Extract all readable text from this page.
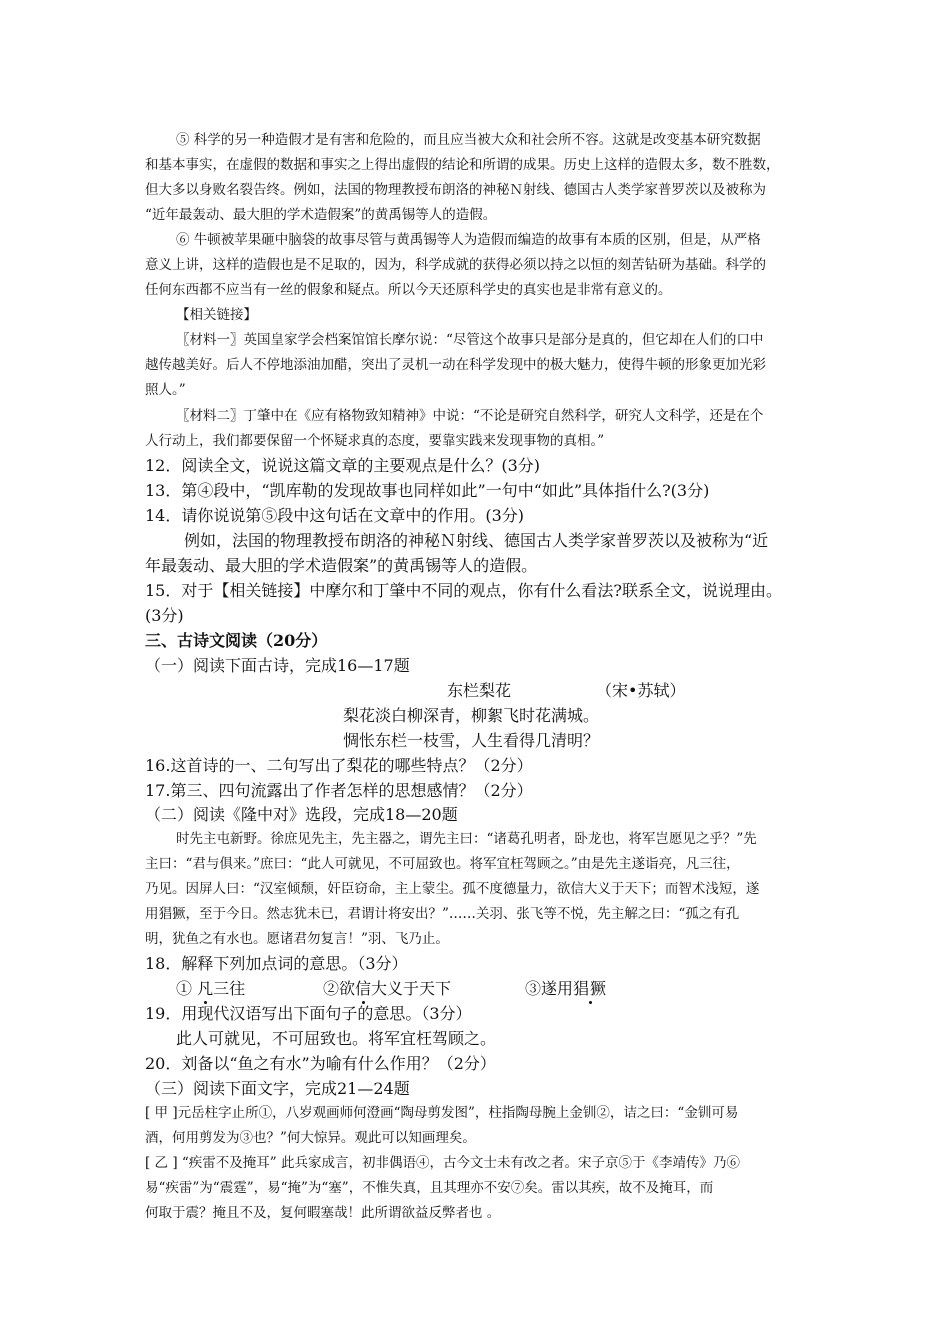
⑤ 科学的另一种造假才是有害和危险的，而且应当被大众和社会所不容。这就是改变基本研究数据
和基本事实，在虚假的数据和事实之上得出虚假的结论和所谓的成果。历史上这样的造假太多，数不胜数，
但大多以身败名裂告终。例如，法国的物理教授布朗洛的神秘Ｎ射线、德国古人类学家普罗茨以及被称为
“近年最轰动、最大胆的学术造假案”的黄禹锡等人的造假。
⑥ 牛顿被苹果砸中脑袋的故事尽管与黄禹锡等人为造假而编造的故事有本质的区别，但是，从严格
意义上讲，这样的造假也是不足取的，因为，科学成就的获得必须以持之以恒的刻苦钻研为基础。科学的
任何东西都不应当有一丝的假象和疑点。所以今天还原科学史的真实也是非常有意义的。
【相关链接】
〖材料一〗英国皇家学会档案馆馆长摩尔说：“尽管这个故事只是部分是真的，但它却在人们的口中
越传越美好。后人不停地添油加醋，突出了灵机一动在科学发现中的极大魅力，使得牛顿的形象更加光彩
照人。”
〖材料二〗丁肇中在《应有格物致知精神》中说：“不论是研究自然科学，研究人文科学，还是在个
人行动上，我们都要保留一个怀疑求真的态度，要靠实践来发现事物的真相。”
12．阅读全文，说说这篇文章的主要观点是什么？(3分)
13．第④段中，“凯库勒的发现故事也同样如此”一句中“如此”具体指什么?(3分)
14．请你说说第⑤段中这句话在文章中的作用。(3分)
例如，法国的物理教授布朗洛的神秘Ｎ射线、德国古人类学家普罗茨以及被称为“近
年最轰动、最大胆的学术造假案”的黄禹锡等人的造假。
15．对于【相关链接】中摩尔和丁肇中不同的观点，你有什么看法?联系全文，说说理由。
(3分)
三、古诗文阅读（20分）
（一）阅读下面古诗，完成16—17题
东栏梨花	（宋•苏轼）
梨花淡白柳深青，柳絮飞时花满城。
惆怅东栏一枝雪，人生看得几清明？
16.这首诗的一、二句写出了梨花的哪些特点？（2分）
17.第三、四句流露出了作者怎样的思想感情？（2分）
（二）阅读《隆中对》选段，完成18—20题
时先主屯新野。徐庶见先主，先主器之，谓先主曰：“诸葛孔明者，卧龙也，将军岂愿见之乎？”先
主曰：“君与俱来。”庶曰：“此人可就见，不可屈致也。将军宜枉驾顾之。”由是先主遂诣亮，凡三往，
乃见。因屏人曰：“汉室倾颓，奸臣窃命，主上蒙尘。孤不度德量力，欲信大义于天下；而智术浅短，遂
用猖獗，至于今日。然志犹未已，君谓计将安出？”……关羽、张飞等不悦，先主解之曰：“孤之有孔
明，犹鱼之有水也。愿诸君勿复言！”羽、飞乃止。
18．解释下列加点词的意思。（3分）
① 凡三往	②欲信大义于天下	③遂用猖獗
19．用现代汉语写出下面句子的意思。（3分）
此人可就见，不可屈致也。将军宜枉驾顾之。
20．刘备以“鱼之有水”为喻有什么作用？（2分）
（三）阅读下面文字，完成21—24题
[ 甲 ]元岳柱字止所①，八岁观画师何澄画“陶母剪发图”，柱指陶母腕上金钏②，诘之曰：“金钏可易
酒，何用剪发为③也？”何大惊异。观此可以知画理矣。
[ 乙 ] “疾雷不及掩耳” 此兵家成言，初非偶语④，古今文士未有改之者。宋子京⑤于《李靖传》乃⑥
易“疾雷”为“震霆”，易“掩”为“塞”，不惟失真，且其理亦不安⑦矣。雷以其疾，故不及掩耳，而
何取于震？掩且不及，复何暇塞哉！此所谓欲益反弊者也 。
